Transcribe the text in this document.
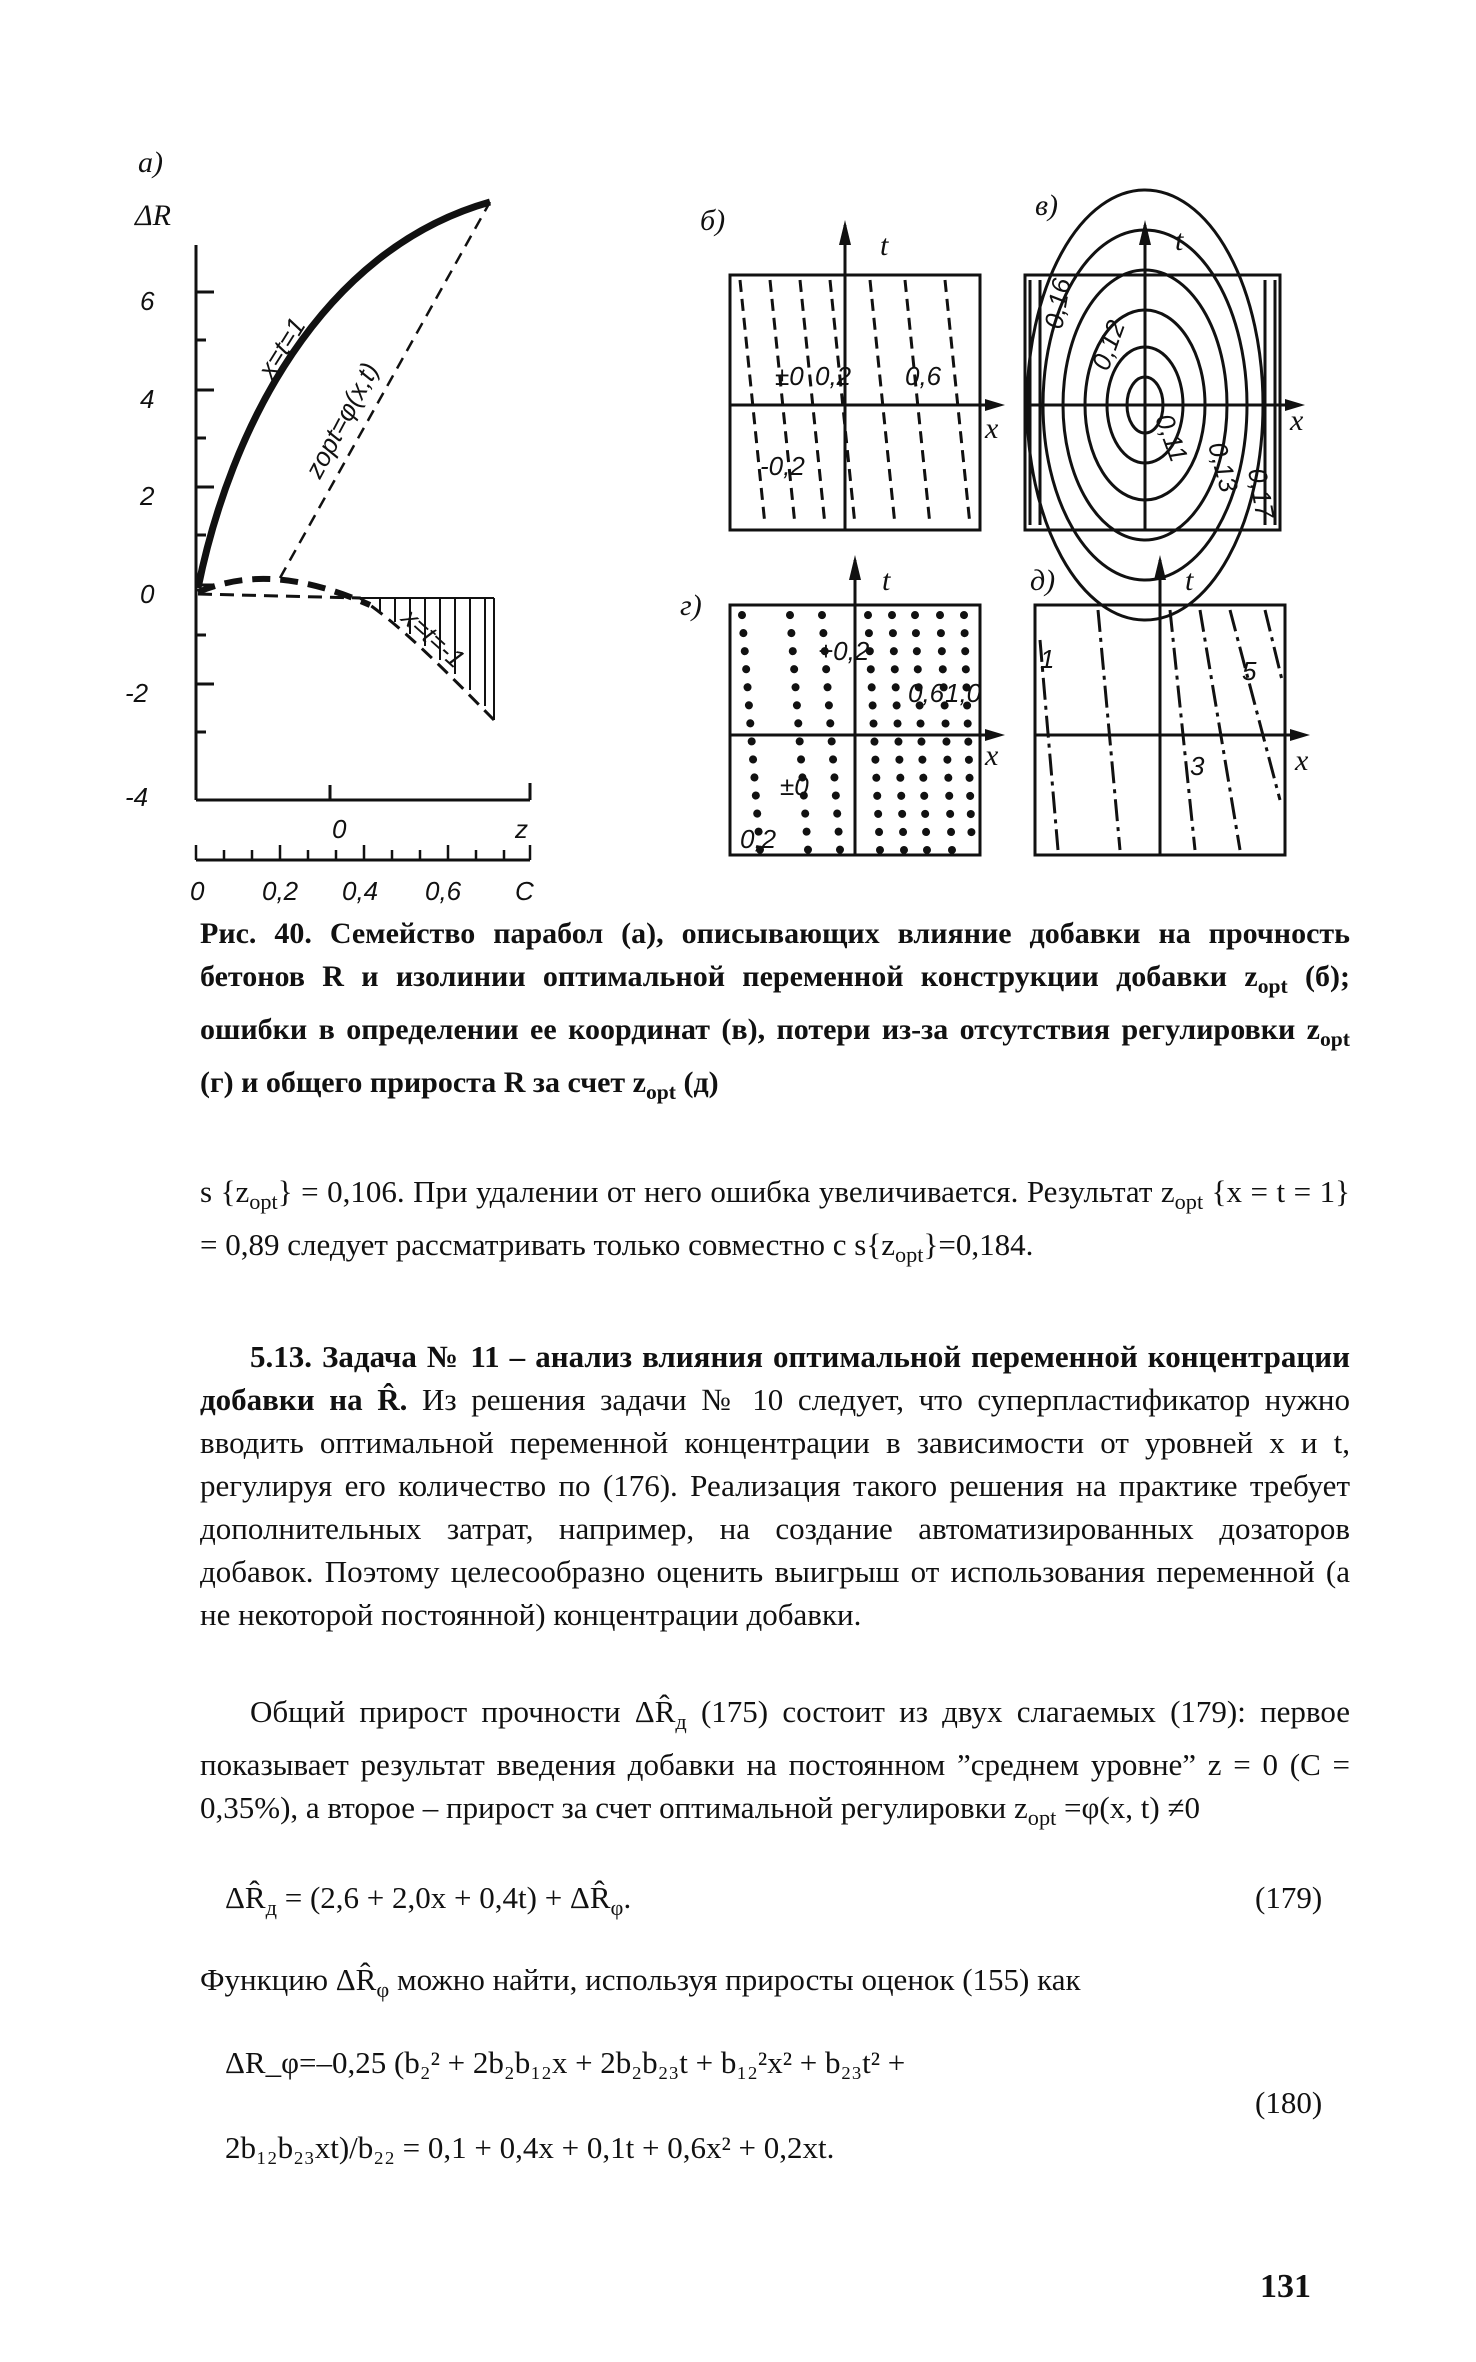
а)
ΔR
6
4
2
0
-2
-4
0	z
0 0,2 0,4 0,6 C
x=t=1
zopt=φ(x,t)
x=t=-1
б)
t
x
±0 0,2 0,6
-0,2
в)
t
x
0,16
0,12
0,11
0,13
0,17
г)
t
x
+0,2
0,6 1,0
±0
0,2
д)	t
x
1	5
3
Рис. 40. Семейство парабол (а), описывающих влияние добавки на прочность бетонов R и изолинии оптимальной переменной конструкции добавки $z_{opt}$ (б); ошибки в определении ее координат (в), потери из-за отсутствия регулировки $z_{opt}$ (г) и общего прироста R за счет $z_{opt}$ (д)
s $\{z_{opt}\} = 0,106$. При удалении от него ошибка увеличивается. Результат $z_{opt}$ {x = t = 1} = 0,89 следует рассматривать только совместно с $s\{z_{opt}\}=0,184$.
5.13. Задача № 11 – анализ влияния оптимальной переменной концентрации добавки на R̂. Из решения задачи № 10 следует, что суперпластификатор нужно вводить оптимальной переменной концентрации в зависимости от уровней x и t, регулируя его количество по (176). Реализация такого решения на практике требует дополнительных затрат, например, на создание автоматизированных дозаторов добавок. Поэтому целесообразно оценить выигрыш от использования переменной (а не некоторой постоянной) концентрации добавки.
Общий прирост прочности $\Delta R̂_д$ (175) состоит из двух слагаемых (179): первое показывает результат введения добавки на постоянном ”среднем уровне” z = 0 (C = 0,35%), а второе – прирост за счет оптимальной регулировки $z_{opt} =\varphi(x$, t) ≠0
$\Delta R̂_д = (2,6 + 2,0x + 0,4t)$ + $\Delta R̂_\varphi$.	(179)
Функцию $\Delta R̂_\varphi$ можно найти, используя приросты оценок (155) как
ΔR_φ=–0,25 (b₂² + 2b₂b₁₂x + 2b₂b₂₃t + b₁₂²x² + b₂₃t² +
2b₁₂b₂₃xt)/b₂₂ = 0,1 + 0,4x + 0,1t + 0,6x² + 0,2xt.
(180)
131
